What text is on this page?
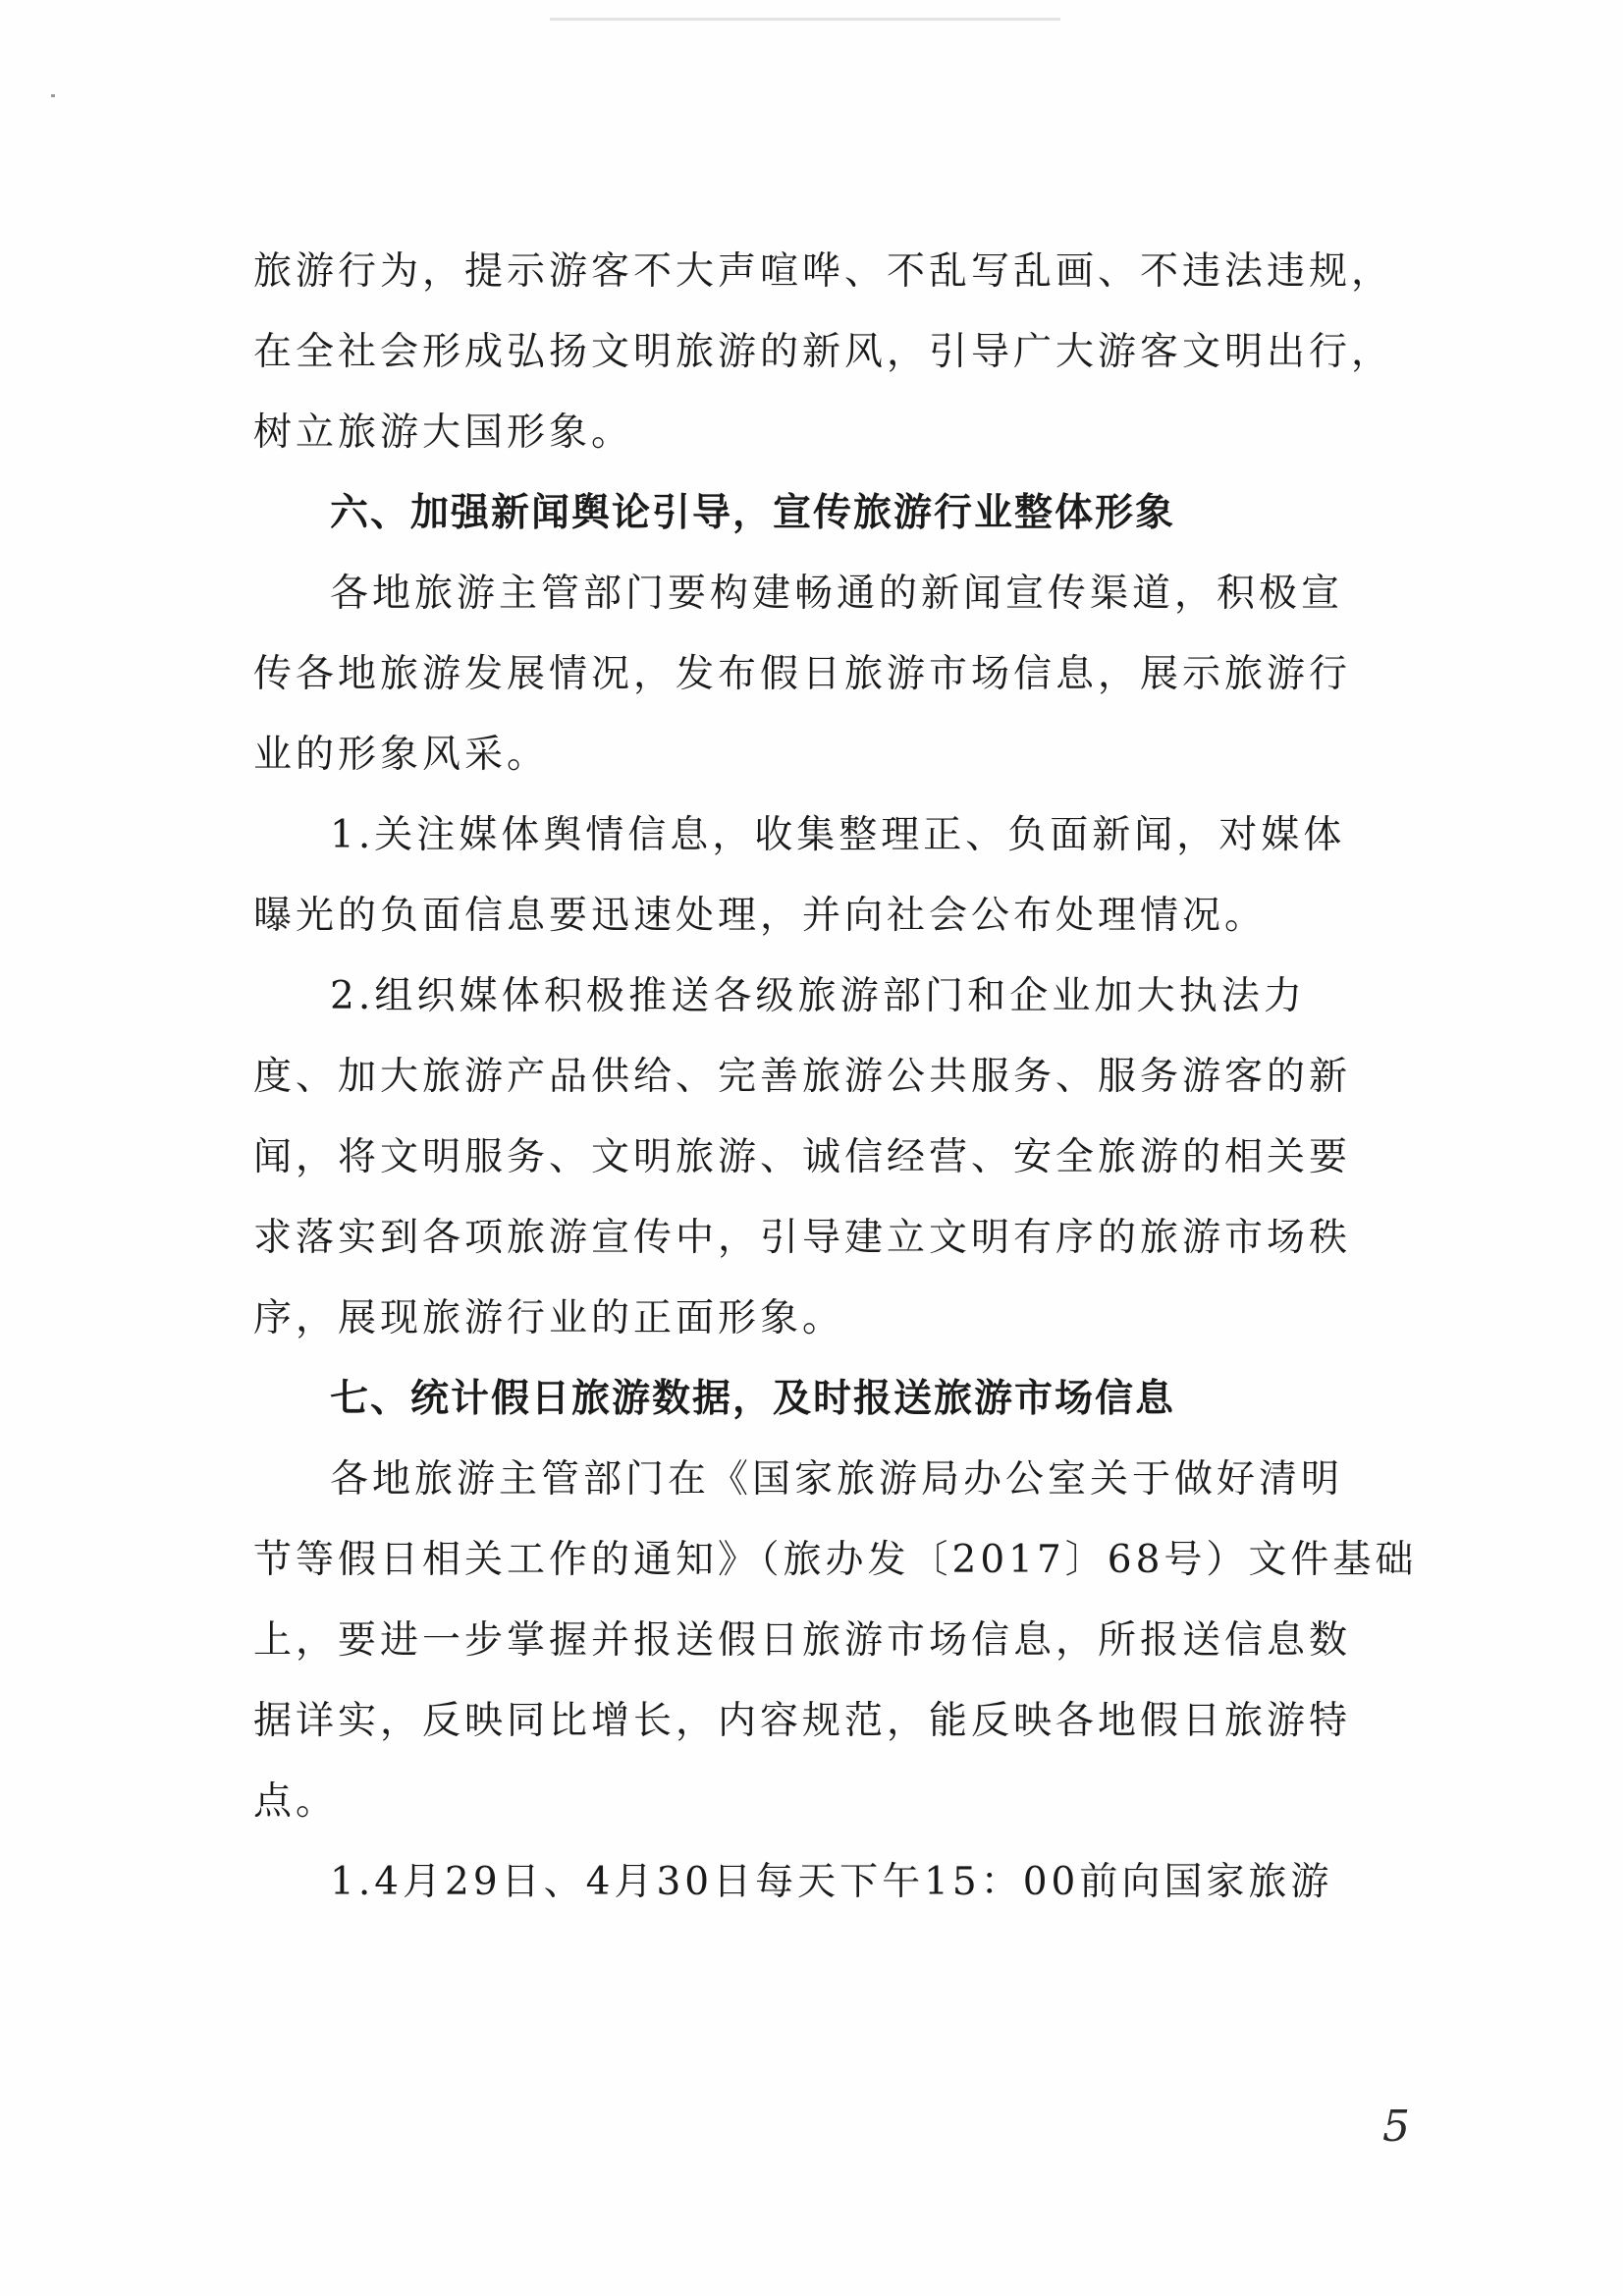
旅游行为，提示游客不大声喧哗、不乱写乱画、不违法违规，
在全社会形成弘扬文明旅游的新风，引导广大游客文明出行，
树立旅游大国形象。
六、加强新闻舆论引导，宣传旅游行业整体形象
各地旅游主管部门要构建畅通的新闻宣传渠道，积极宣
传各地旅游发展情况，发布假日旅游市场信息，展示旅游行
业的形象风采。
1.关注媒体舆情信息，收集整理正、负面新闻，对媒体
曝光的负面信息要迅速处理，并向社会公布处理情况。
2.组织媒体积极推送各级旅游部门和企业加大执法力
度、加大旅游产品供给、完善旅游公共服务、服务游客的新
闻，将文明服务、文明旅游、诚信经营、安全旅游的相关要
求落实到各项旅游宣传中，引导建立文明有序的旅游市场秩
序，展现旅游行业的正面形象。
七、统计假日旅游数据，及时报送旅游市场信息
各地旅游主管部门在《国家旅游局办公室关于做好清明
节等假日相关工作的通知》（旅办发〔2017〕68号）文件基础
上，要进一步掌握并报送假日旅游市场信息，所报送信息数
据详实，反映同比增长，内容规范，能反映各地假日旅游特
点。
1.4月29日、4月30日每天下午15：00前向国家旅游
5
